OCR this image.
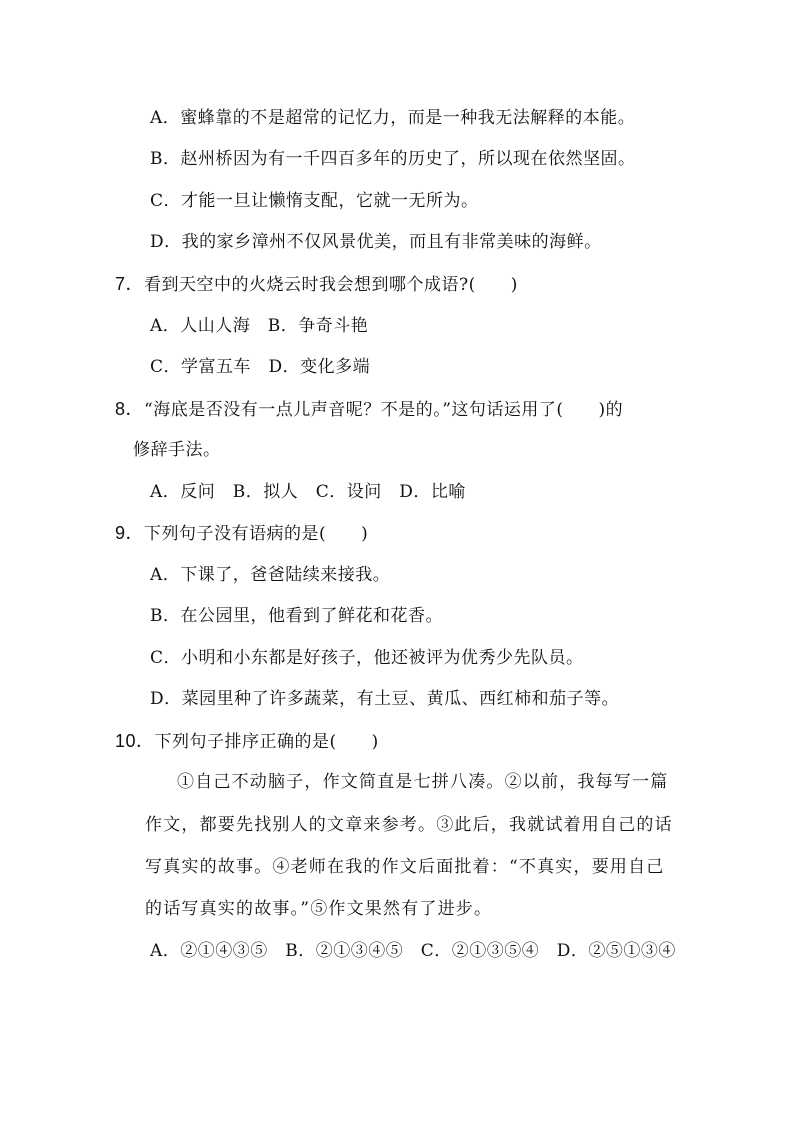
A．蜜蜂靠的不是超常的记忆力，而是一种我无法解释的本能。
B．赵州桥因为有一千四百多年的历史了，所以现在依然坚固。
C．才能一旦让懒惰支配，它就一无所为。
D．我的家乡漳州不仅风景优美，而且有非常美味的海鲜。
7．看到天空中的火烧云时我会想到哪个成语?(　　)
A．人山人海　B．争奇斗艳
C．学富五车　D．变化多端
8．“海底是否没有一点儿声音呢？不是的。”这句话运用了(　　)的
修辞手法。
A．反问　B．拟人　C．设问　D．比喻
9．下列句子没有语病的是(　　)
A．下课了，爸爸陆续来接我。
B．在公园里，他看到了鲜花和花香。
C．小明和小东都是好孩子，他还被评为优秀少先队员。
D．菜园里种了许多蔬菜，有土豆、黄瓜、西红柿和茄子等。
10．下列句子排序正确的是(　　)
①自己不动脑子，作文简直是七拼八凑。②以前，我每写一篇
作文，都要先找别人的文章来参考。③此后，我就试着用自己的话
写真实的故事。④老师在我的作文后面批着：“不真实，要用自己
的话写真实的故事。”⑤作文果然有了进步。
A．②①④③⑤　B．②①③④⑤　C．②①③⑤④　D．②⑤①③④
